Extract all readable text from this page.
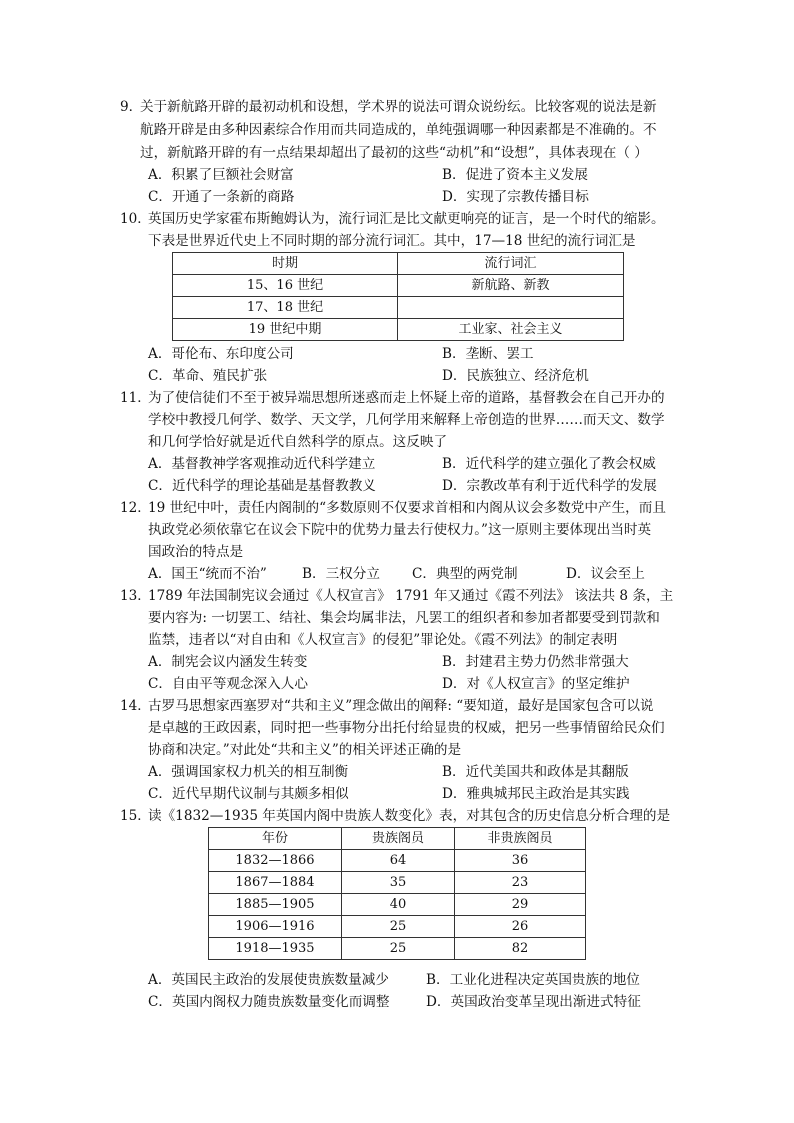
9．
关于新航路开辟的最初动机和设想，学术界的说法可谓众说纷纭。比较客观的说法是新
航路开辟是由多种因素综合作用而共同造成的，单纯强调哪一种因素都是不准确的。不
过，新航路开辟的有一点结果却超出了最初的这些“动机”和“设想”，具体表现在（ ）
A．积累了巨额社会财富	B．促进了资本主义发展
C．开通了一条新的商路	D．实现了宗教传播目标
10．
英国历史学家霍布斯鲍姆认为，流行词汇是比文献更响亮的证言，是一个时代的缩影。
下表是世界近代史上不同时期的部分流行词汇。其中，17—18 世纪的流行词汇是
时期	流行词汇
15、16 世纪	新航路、新教
17、18 世纪	
19 世纪中期	工业家、社会主义
A．哥伦布、东印度公司	B．垄断、罢工
C．革命、殖民扩张	D．民族独立、经济危机
11．
为了使信徒们不至于被异端思想所迷惑而走上怀疑上帝的道路，基督教会在自己开办的
学校中教授几何学、数学、天文学，几何学用来解释上帝创造的世界……而天文、数学
和几何学恰好就是近代自然科学的原点。这反映了
A．基督教神学客观推动近代科学建立	B．近代科学的建立强化了教会权威
C．近代科学的理论基础是基督教教义	D．宗教改革有利于近代科学的发展
12．
19 世纪中叶，责任内阁制的“多数原则不仅要求首相和内阁从议会多数党中产生，而且
执政党必须依靠它在议会下院中的优势力量去行使权力。”这一原则主要体现出当时英
国政治的特点是
A．国王“统而不治”	B．三权分立 C．典型的两党制	D．议会至上
13．
1789 年法国制宪议会通过《人权宣言》 1791 年又通过《霞不列法》 该法共 8 条，主
要内容为: 一切罢工、结社、集会均属非法，凡罢工的组织者和参加者都要受到罚款和
监禁，违者以“对自由和《人权宣言》的侵犯”罪论处。《霞不列法》的制定表明
A．制宪会议内涵发生转变	B．封建君主势力仍然非常强大
C．自由平等观念深入人心	D．对《人权宣言》的坚定维护
14．
古罗马思想家西塞罗对“共和主义”理念做出的阐释: “要知道，最好是国家包含可以说
是卓越的王政因素，同时把一些事物分出托付给显贵的权威，把另一些事情留给民众们
协商和决定。”对此处“共和主义”的相关评述正确的是
A．强调国家权力机关的相互制衡	B．近代美国共和政体是其翻版
C．近代早期代议制与其颇多相似	D．雅典城邦民主政治是其实践
15．
读《1832—1935 年英国内阁中贵族人数变化》表，对其包含的历史信息分析合理的是
年份	贵族阁员	非贵族阁员
1832—1866	64	36
1867—1884	35	23
1885—1905	40	29
1906—1916	25	26
1918—1935	25	82
A．英国民主政治的发展使贵族数量减少	B．工业化进程决定英国贵族的地位
C．英国内阁权力随贵族数量变化而调整	D．英国政治变革呈现出渐进式特征
